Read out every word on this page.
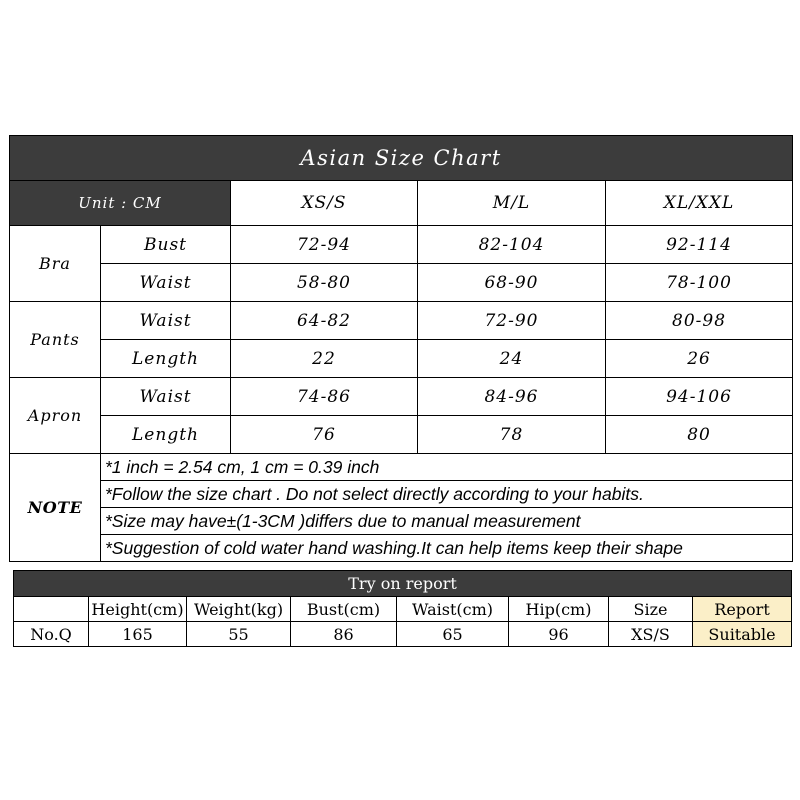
Asian Size Chart				
Unit : CM		XS/S	M/L	XL/XXL
Bra	Bust	72-94	82-104	92-114
	Waist	58-80	68-90	78-100
Pants	Waist	64-82	72-90	80-98
	Length	22	24	26
Apron	Waist	74-86	84-96	94-106
	Length	76	78	80
NOTE	*1 inch = 2.54 cm, 1 cm = 0.39 inch			
	*Follow the size chart . Do not select directly according to your habits.			
	*Size may have±(1-3CM )differs due to manual measurement			
	*Suggestion of cold water hand washing.It can help items keep their shape			
Try on report							
	Height(cm)	Weight(kg)	Bust(cm)	Waist(cm)	Hip(cm)	Size	Report
No.Q	165	55	86	65	96	XS/S	Suitable
